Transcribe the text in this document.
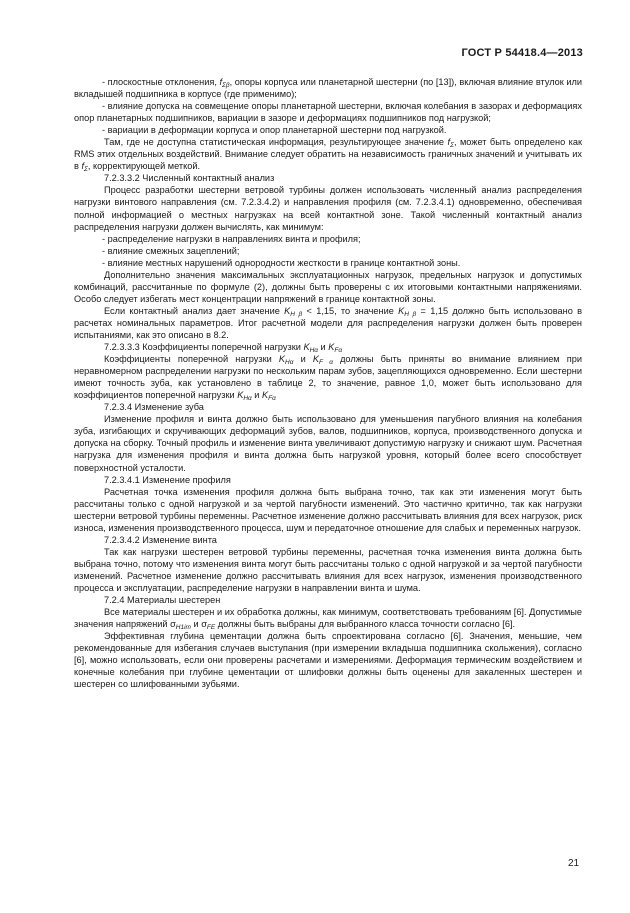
ГОСТ Р 54418.4—2013

- плоскостные отклонения, $f_{\Sigma\beta}$, опоры корпуса или планетарной шестерни (по [13]), включая влияние втулок или вкладышей подшипника в корпусе (где применимо);

- влияние допуска на совмещение опоры планетарной шестерни, включая колебания в зазорах и деформациях опор планетарных подшипников, вариации в зазоре и деформациях подшипников под нагрузкой;

- вариации в деформации корпуса и опор планетарной шестерни под нагрузкой.

Там, где не доступна статистическая информация, результирующее значение $f_\Sigma$, может быть определено как RMS этих отдельных воздействий. Внимание следует обратить на независимость граничных значений и учитывать их в $f_\Sigma$, корректирующей меткой.

7.2.3.3.2 Численный контактный анализ

Процесс разработки шестерни ветровой турбины должен использовать численный анализ распределения нагрузки винтового направления (см. 7.2.3.4.2) и направления профиля (см. 7.2.3.4.1) одновременно, обеспечивая полной информацией о местных нагрузках на всей контактной зоне. Такой численный контактный анализ распределения нагрузки должен вычислять, как минимум:

- распределение нагрузки в направлениях винта и профиля;

- влияние смежных зацеплений;

- влияние местных нарушений однородности жесткости в границе контактной зоны.

Дополнительно значения максимальных эксплуатационных нагрузок, предельных нагрузок и допустимых комбинаций, рассчитанные по формуле (2), должны быть проверены с их итоговыми контактными напряжениями. Особо следует избегать мест концентрации напряжений в границе контактной зоны.

Если контактный анализ дает значение $K_{H \beta} < 1,15$, то значение $K_{H \beta} = 1,15$ должно быть использовано в расчетах номинальных параметров. Итог расчетной модели для распределения нагрузки должен быть проверен испытаниями, как это описано в 8.2.

7.2.3.3.3 Коэффициенты поперечной нагрузки $K_{H\alpha}$ и $K_{F\alpha}$

Коэффициенты поперечной нагрузки $K_{H\alpha}$ и $K_{F \alpha}$ должны быть приняты во внимание влиянием при неравномерном распределении нагрузки по нескольким парам зубов, зацепляющихся одновременно. Если шестерни имеют точность зуба, как установлено в таблице 2, то значение, равное 1,0, может быть использовано для коэффициентов поперечной нагрузки $K_{H\alpha}$ и $K_{F\alpha}$

7.2.3.4 Изменение зуба

Изменение профиля и винта должно быть использовано для уменьшения пагубного влияния на колебания зуба, изгибающих и скручивающих деформаций зубов, валов, подшипников, корпуса, производственного допуска и допуска на сборку. Точный профиль и изменение винта увеличивают допустимую нагрузку и снижают шум. Расчетная нагрузка для изменения профиля и винта должна быть нагрузкой уровня, который более всего способствует поверхностной усталости.

7.2.3.4.1 Изменение профиля

Расчетная точка изменения профиля должна быть выбрана точно, так как эти изменения могут быть рассчитаны только с одной нагрузкой и за чертой пагубности изменений. Это частично критично, так как нагрузки шестерни ветровой турбины переменны. Расчетное изменение должно рассчитывать влияния для всех нагрузок, риск износа, изменения производственного процесса, шум и передаточное отношение для слабых и переменных нагрузок.

7.2.3.4.2 Изменение винта

Так как нагрузки шестерен ветровой турбины переменны, расчетная точка изменения винта должна быть выбрана точно, потому что изменения винта могут быть рассчитаны только с одной нагрузкой и за чертой пагубности изменений. Расчетное изменение должно рассчитывать влияния для всех нагрузок, изменения производственного процесса и эксплуатации, распределение нагрузки в направлении винта и шума.

7.2.4 Материалы шестерен

Все материалы шестерен и их обработка должны, как минимум, соответствовать требованиям [6]. Допустимые значения напряжений $\sigma_{H1im}$ и $\sigma_{FE}$ должны быть выбраны для выбранного класса точности согласно [6].

Эффективная глубина цементации должна быть спроектирована согласно [6]. Значения, меньшие, чем рекомендованные для избегания случаев выступания (при измерении вкладыша подшипника скольжения), согласно [6], можно использовать, если они проверены расчетами и измерениями. Деформация термическим воздействием и конечные колебания при глубине цементации от шлифовки должны быть оценены для закаленных шестерен и шестерен со шлифованными зубьями.

21
